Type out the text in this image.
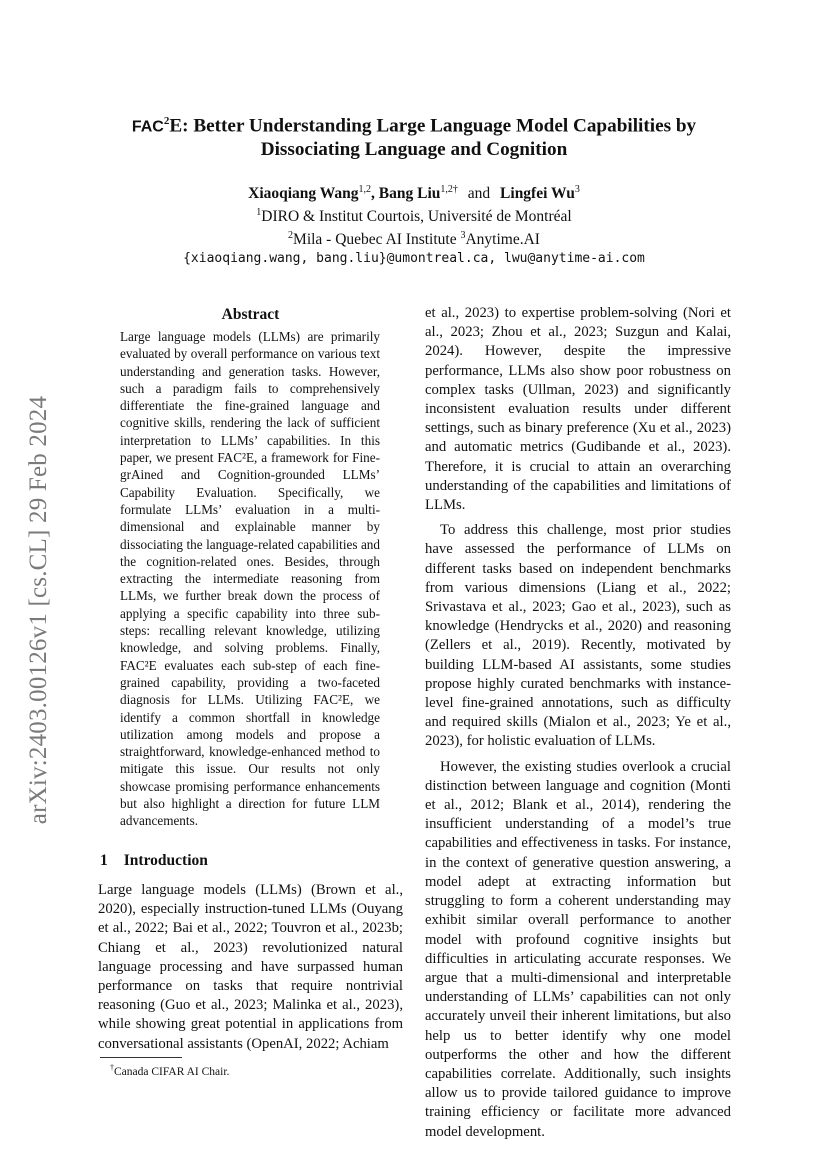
arXiv:2403.00126v1 [cs.CL] 29 Feb 2024
FAC$^2$E: Better Understanding Large Language Model Capabilities by
Dissociating Language and Cognition
Xiaoqiang Wang$^{1,2}$, Bang Liu$^{1,2\dagger}$ and Lingfei Wu$^3$
$^1$DIRO & Institut Courtois, Université de Montréal
$^2$Mila - Quebec AI Institute $^3$Anytime.AI
{xiaoqiang.wang, bang.liu}@umontreal.ca, lwu@anytime-ai.com
Abstract

Large language models (LLMs) are primarily evaluated by overall performance on various text understanding and generation tasks. However, such a paradigm fails to comprehensively differentiate the fine-grained language and cognitive skills, rendering the lack of sufficient interpretation to LLMs’ capabilities. In this paper, we present FAC²E, a framework for Fine-grAined and Cognition-grounded LLMs’ Capability Evaluation. Specifically, we formulate LLMs’ evaluation in a multi-dimensional and explainable manner by dissociating the language-related capabilities and the cognition-related ones. Besides, through extracting the intermediate reasoning from LLMs, we further break down the process of applying a specific capability into three sub-steps: recalling relevant knowledge, utilizing knowledge, and solving problems. Finally, FAC²E evaluates each sub-step of each fine-grained capability, providing a two-faceted diagnosis for LLMs. Utilizing FAC²E, we identify a common shortfall in knowledge utilization among models and propose a straightforward, knowledge-enhanced method to mitigate this issue. Our results not only showcase promising performance enhancements but also highlight a direction for future LLM advancements.

1 Introduction

Large language models (LLMs) (Brown et al., 2020), especially instruction-tuned LLMs (Ouyang et al., 2022; Bai et al., 2022; Touvron et al., 2023b; Chiang et al., 2023) revolutionized natural language processing and have surpassed human performance on tasks that require nontrivial reasoning (Guo et al., 2023; Malinka et al., 2023), while showing great potential in applications from conversational assistants (OpenAI, 2022; Achiam

†Canada CIFAR AI Chair.

et al., 2023) to expertise problem-solving (Nori et al., 2023; Zhou et al., 2023; Suzgun and Kalai, 2024). However, despite the impressive performance, LLMs also show poor robustness on complex tasks (Ullman, 2023) and significantly inconsistent evaluation results under different settings, such as binary preference (Xu et al., 2023) and automatic metrics (Gudibande et al., 2023). Therefore, it is crucial to attain an overarching understanding of the capabilities and limitations of LLMs.

To address this challenge, most prior studies have assessed the performance of LLMs on different tasks based on independent benchmarks from various dimensions (Liang et al., 2022; Srivastava et al., 2023; Gao et al., 2023), such as knowledge (Hendrycks et al., 2020) and reasoning (Zellers et al., 2019). Recently, motivated by building LLM-based AI assistants, some studies propose highly curated benchmarks with instance-level fine-grained annotations, such as difficulty and required skills (Mialon et al., 2023; Ye et al., 2023), for holistic evaluation of LLMs.

However, the existing studies overlook a crucial distinction between language and cognition (Monti et al., 2012; Blank et al., 2014), rendering the insufficient understanding of a model’s true capabilities and effectiveness in tasks. For instance, in the context of generative question answering, a model adept at extracting information but struggling to form a coherent understanding may exhibit similar overall performance to another model with profound cognitive insights but difficulties in articulating accurate responses. We argue that a multi-dimensional and interpretable understanding of LLMs’ capabilities can not only accurately unveil their inherent limitations, but also help us to better identify why one model outperforms the other and how the different capabilities correlate. Additionally, such insights allow us to provide tailored guidance to improve training efficiency or facilitate more advanced model development.
